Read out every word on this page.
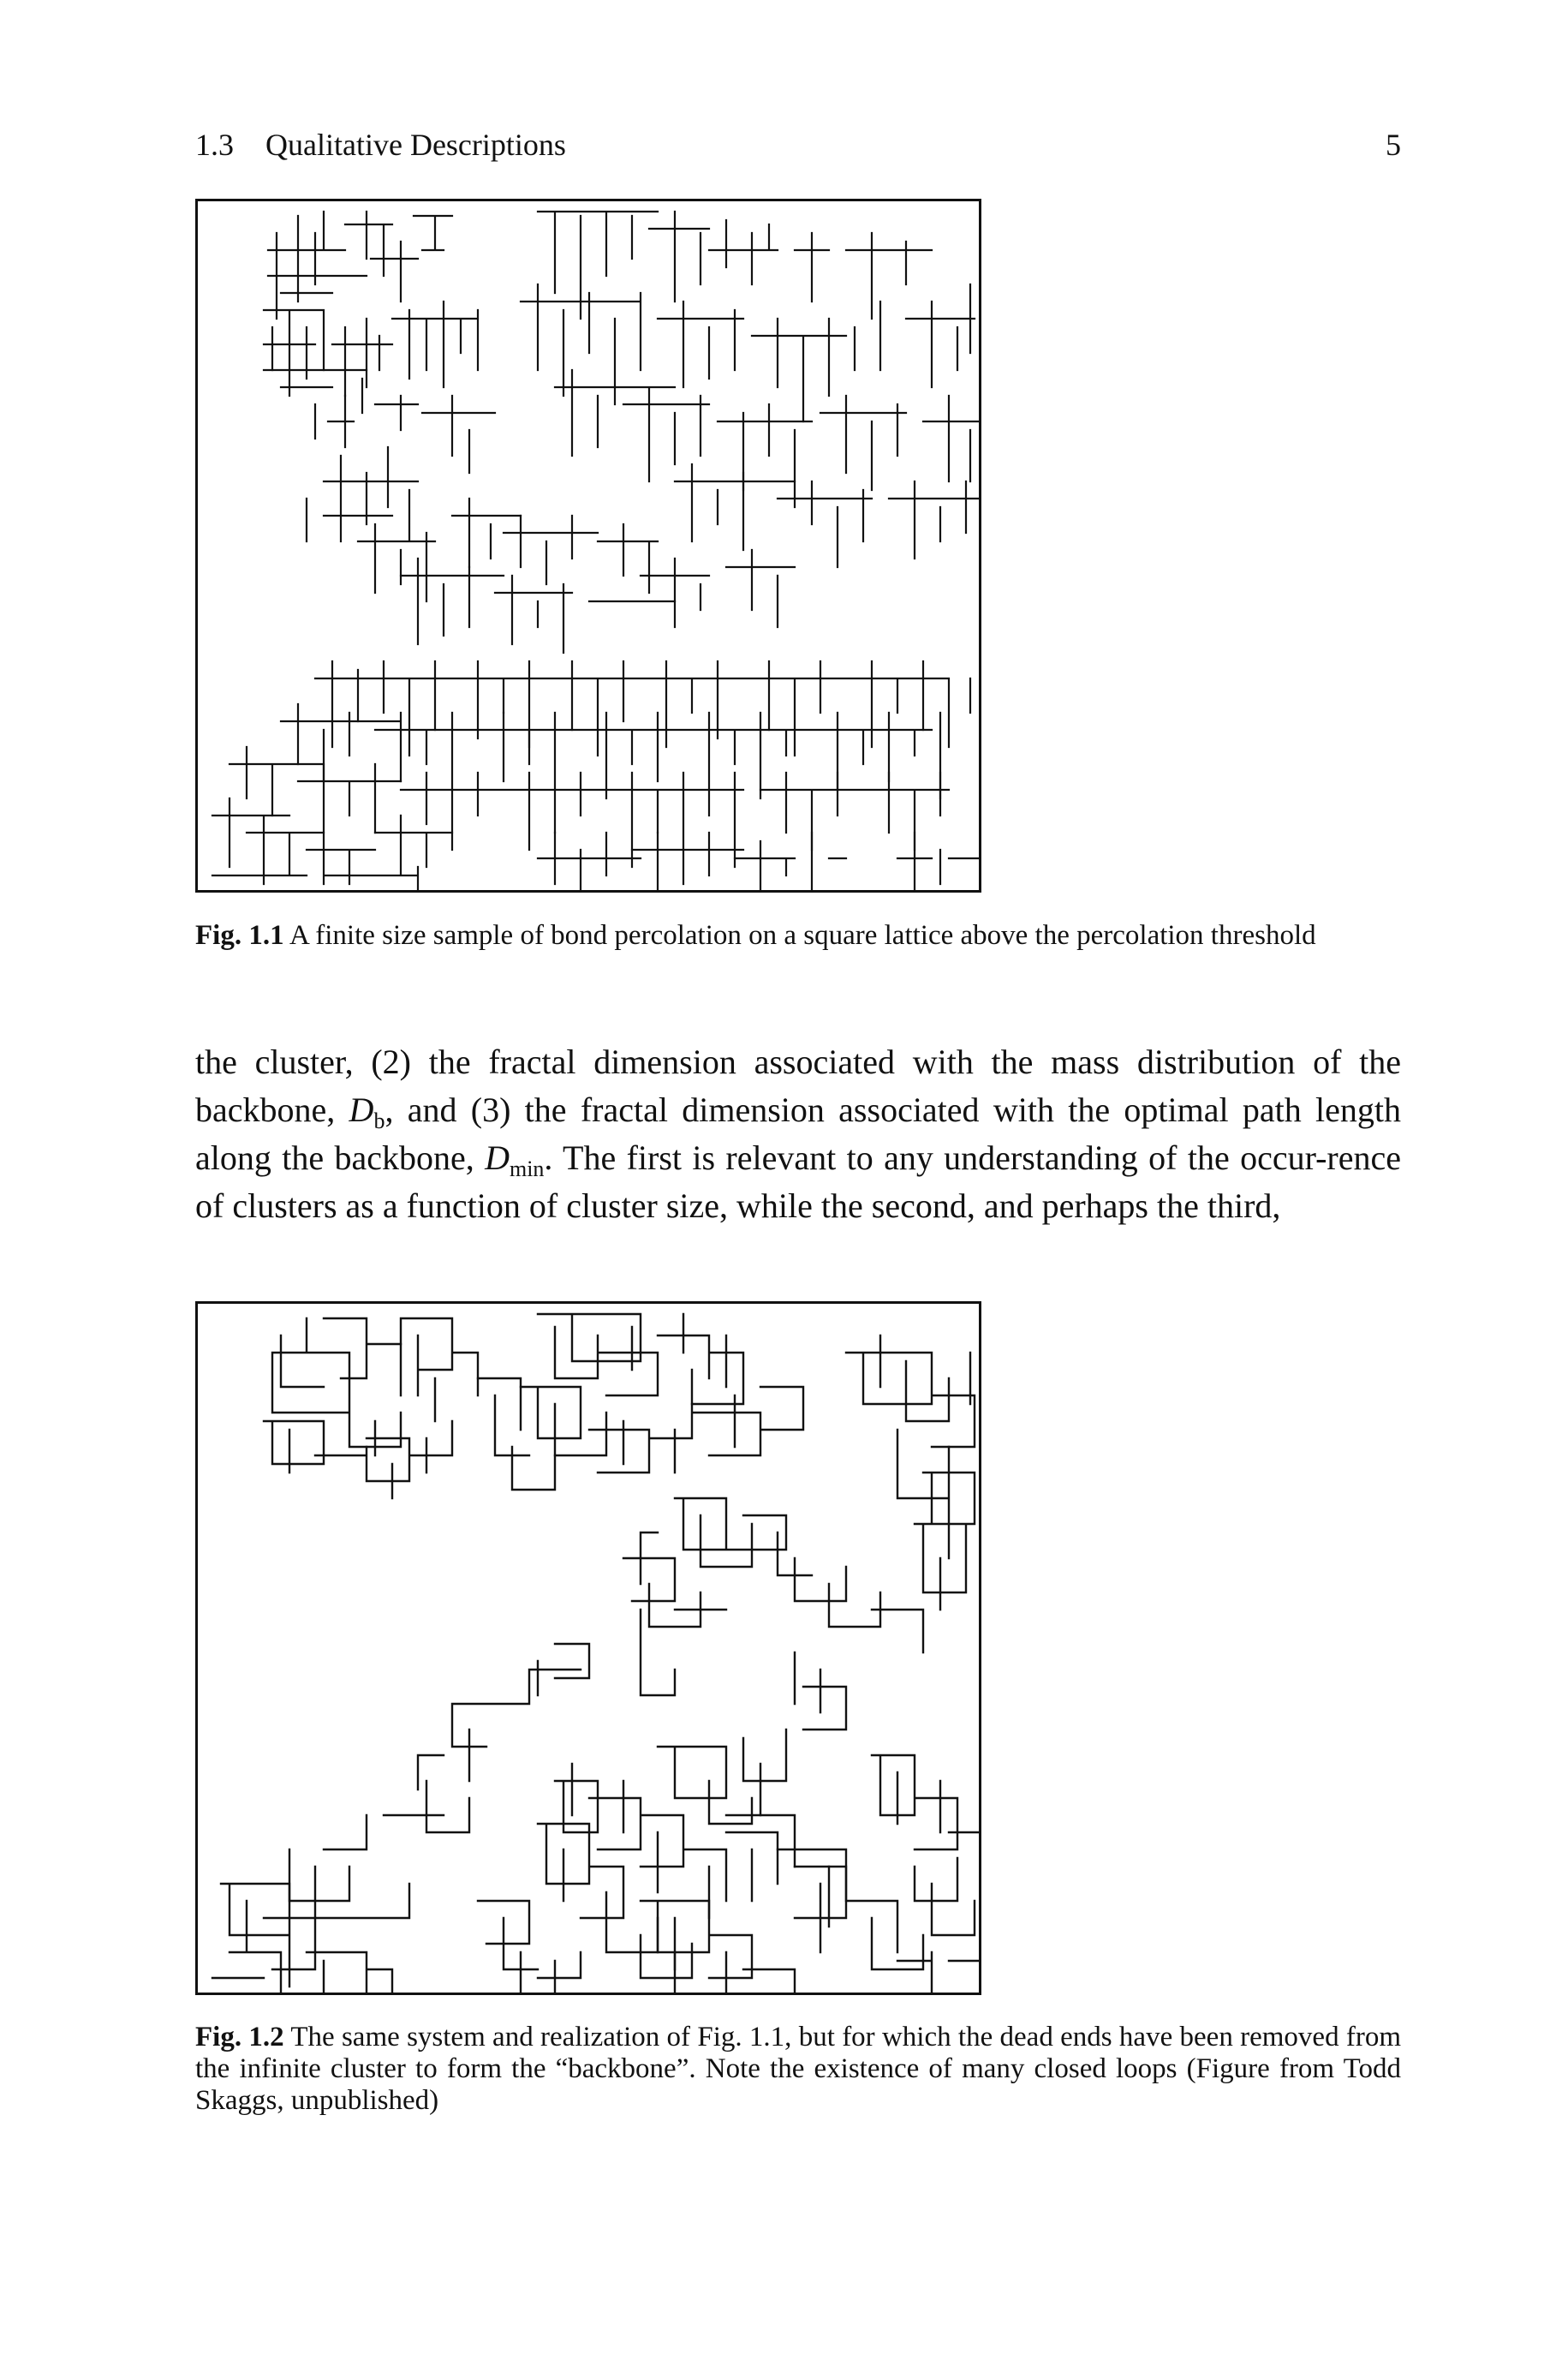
1.3 Qualitative Descriptions	5
Fig. 1.1 A finite size sample of bond percolation on a square lattice above the percolation threshold

the cluster, (2) the fractal dimension associated with the mass distribution of the backbone, $D_b$, and (3) the fractal dimension associated with the optimal path length along the backbone, $D_{min}$. The first is relevant to any understanding of the occur-rence of clusters as a function of cluster size, while the second, and perhaps the third,

Fig. 1.2 The same system and realization of Fig. 1.1, but for which the dead ends have been removed from the infinite cluster to form the “backbone”. Note the existence of many closed loops (Figure from Todd Skaggs, unpublished)
